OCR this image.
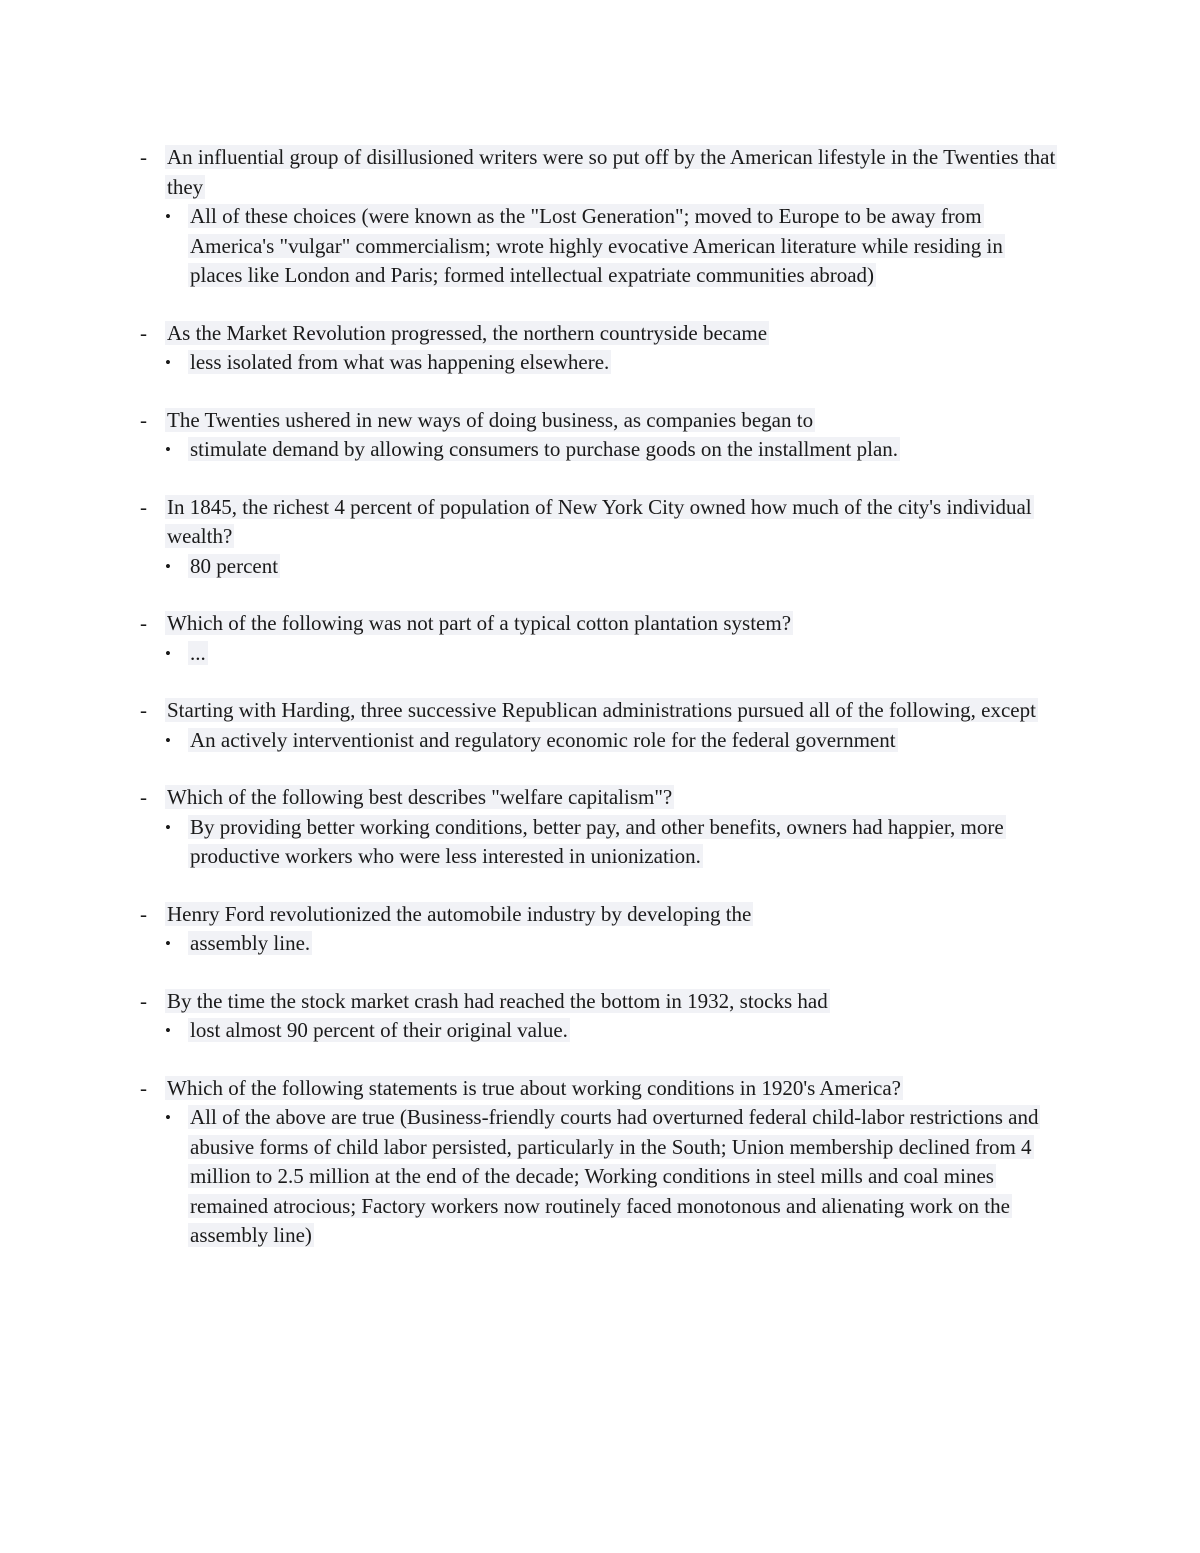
- An influential group of disillusioned writers were so put off by the American lifestyle in the Twenties that they

• All of these choices (were known as the "Lost Generation"; moved to Europe to be away from America's "vulgar" commercialism; wrote highly evocative American literature while residing in places like London and Paris; formed intellectual expatriate communities abroad)

- As the Market Revolution progressed, the northern countryside became

• less isolated from what was happening elsewhere.

- The Twenties ushered in new ways of doing business, as companies began to

• stimulate demand by allowing consumers to purchase goods on the installment plan.

- In 1845, the richest 4 percent of population of New York City owned how much of the city's individual wealth?

• 80 percent

- Which of the following was not part of a typical cotton plantation system?

• ...

- Starting with Harding, three successive Republican administrations pursued all of the following, except

• An actively interventionist and regulatory economic role for the federal government

- Which of the following best describes "welfare capitalism"?

• By providing better working conditions, better pay, and other benefits, owners had happier, more productive workers who were less interested in unionization.

- Henry Ford revolutionized the automobile industry by developing the

• assembly line.

- By the time the stock market crash had reached the bottom in 1932, stocks had

• lost almost 90 percent of their original value.

- Which of the following statements is true about working conditions in 1920's America?

• All of the above are true (Business-friendly courts had overturned federal child-labor restrictions and abusive forms of child labor persisted, particularly in the South; Union membership declined from 4 million to 2.5 million at the end of the decade; Working conditions in steel mills and coal mines remained atrocious; Factory workers now routinely faced monotonous and alienating work on the assembly line)
